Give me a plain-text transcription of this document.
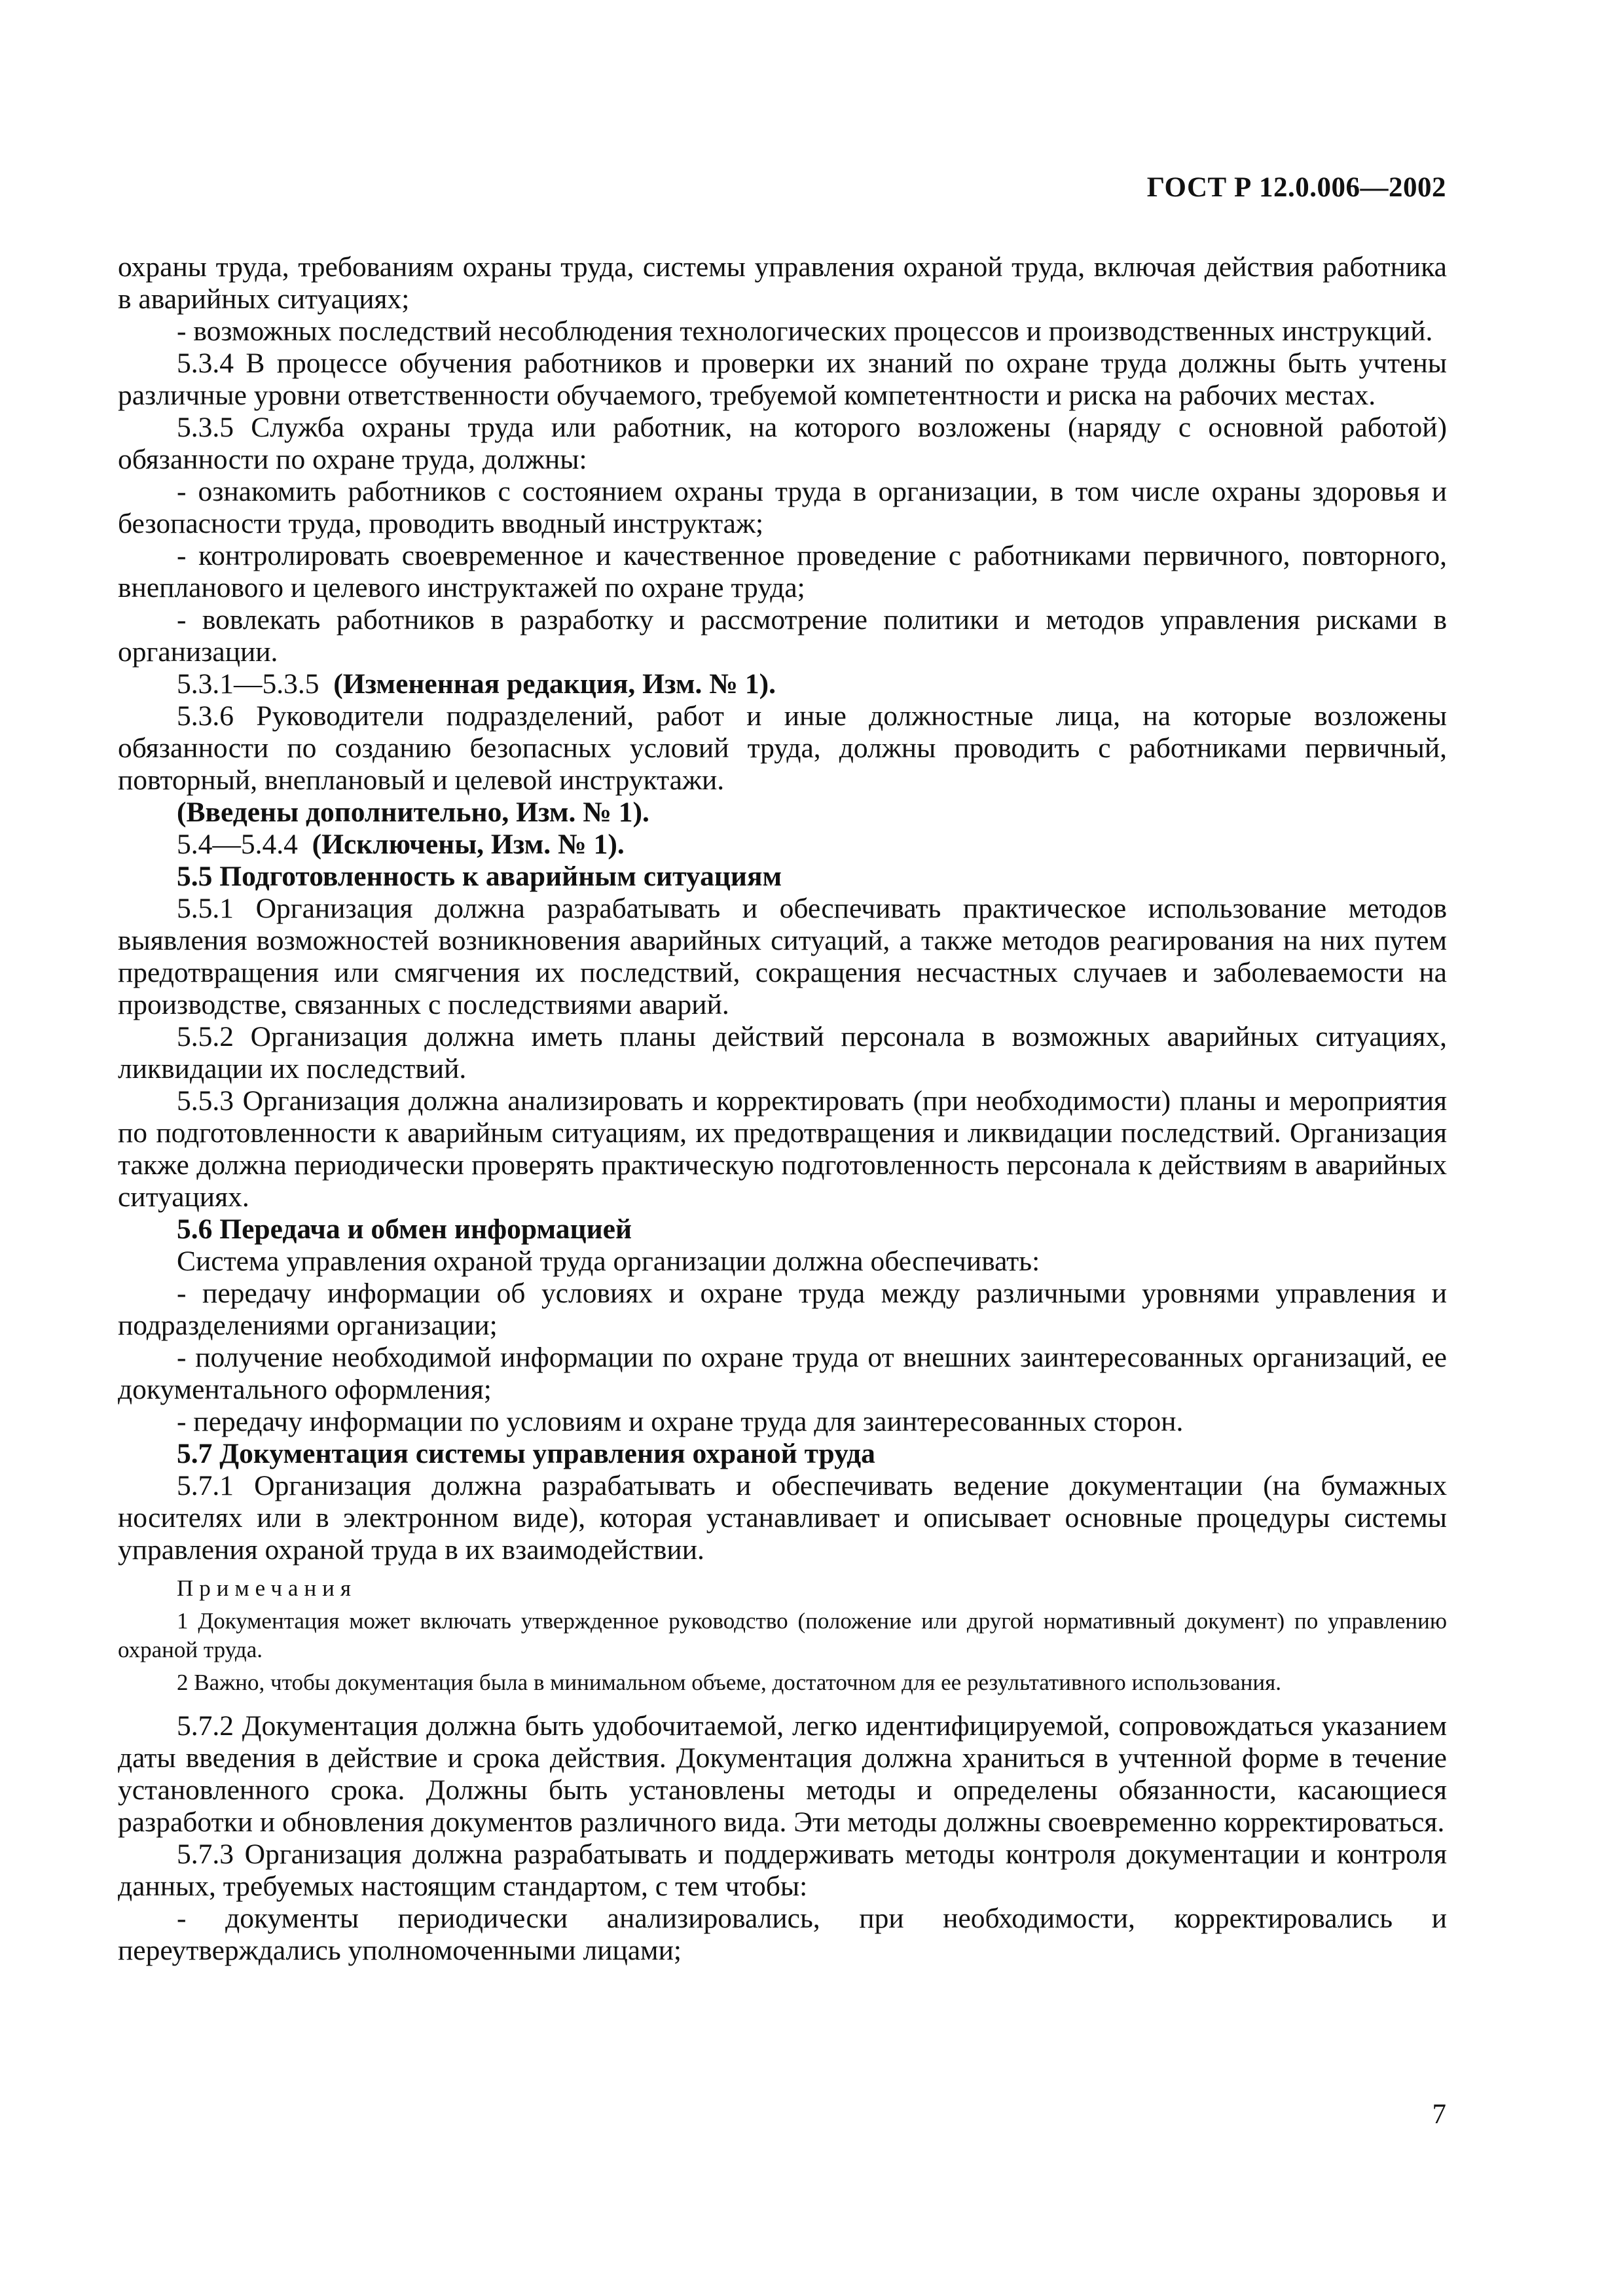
ГОСТ Р 12.0.006—2002

охраны труда, требованиям охраны труда, системы управления охраной труда, включая действия работника в аварийных ситуациях;

- возможных последствий несоблюдения технологических процессов и производственных инструкций.

5.3.4 В процессе обучения работников и проверки их знаний по охране труда должны быть учтены различные уровни ответственности обучаемого, требуемой компетентности и риска на рабочих местах.

5.3.5 Служба охраны труда или работник, на которого возложены (наряду с основной работой) обязанности по охране труда, должны:

- ознакомить работников с состоянием охраны труда в организации, в том числе охраны здоровья и безопасности труда, проводить вводный инструктаж;

- контролировать своевременное и качественное проведение с работниками первичного, повторного, внепланового и целевого инструктажей по охране труда;

- вовлекать работников в разработку и рассмотрение политики и методов управления рисками в организации.

5.3.1—5.3.5 (Измененная редакция, Изм. № 1).

5.3.6 Руководители подразделений, работ и иные должностные лица, на которые возложены обязанности по созданию безопасных условий труда, должны проводить с работниками первичный, повторный, внеплановый и целевой инструктажи.

(Введены дополнительно, Изм. № 1).

5.4—5.4.4 (Исключены, Изм. № 1).

5.5 Подготовленность к аварийным ситуациям

5.5.1 Организация должна разрабатывать и обеспечивать практическое использование методов выявления возможностей возникновения аварийных ситуаций, а также методов реагирования на них путем предотвращения или смягчения их последствий, сокращения несчастных случаев и заболеваемости на производстве, связанных с последствиями аварий.

5.5.2 Организация должна иметь планы действий персонала в возможных аварийных ситуациях, ликвидации их последствий.

5.5.3 Организация должна анализировать и корректировать (при необходимости) планы и мероприятия по подготовленности к аварийным ситуациям, их предотвращения и ликвидации последствий. Организация также должна периодически проверять практическую подготовленность персонала к действиям в аварийных ситуациях.

5.6 Передача и обмен информацией

Система управления охраной труда организации должна обеспечивать:

- передачу информации об условиях и охране труда между различными уровнями управления и подразделениями организации;

- получение необходимой информации по охране труда от внешних заинтересованных организаций, ее документального оформления;

- передачу информации по условиям и охране труда для заинтересованных сторон.

5.7 Документация системы управления охраной труда

5.7.1 Организация должна разрабатывать и обеспечивать ведение документации (на бумажных носителях или в электронном виде), которая устанавливает и описывает основные процедуры системы управления охраной труда в их взаимодействии.

Примечания

1 Документация может включать утвержденное руководство (положение или другой нормативный документ) по управлению охраной труда.

2 Важно, чтобы документация была в минимальном объеме, достаточном для ее результативного использования.

5.7.2 Документация должна быть удобочитаемой, легко идентифицируемой, сопровождаться указанием даты введения в действие и срока действия. Документация должна храниться в учтенной форме в течение установленного срока. Должны быть установлены методы и определены обязанности, касающиеся разработки и обновления документов различного вида. Эти методы должны своевременно корректироваться.

5.7.3 Организация должна разрабатывать и поддерживать методы контроля документации и контроля данных, требуемых настоящим стандартом, с тем чтобы:

- документы периодически анализировались, при необходимости, корректировались и переутверждались уполномоченными лицами;

7
